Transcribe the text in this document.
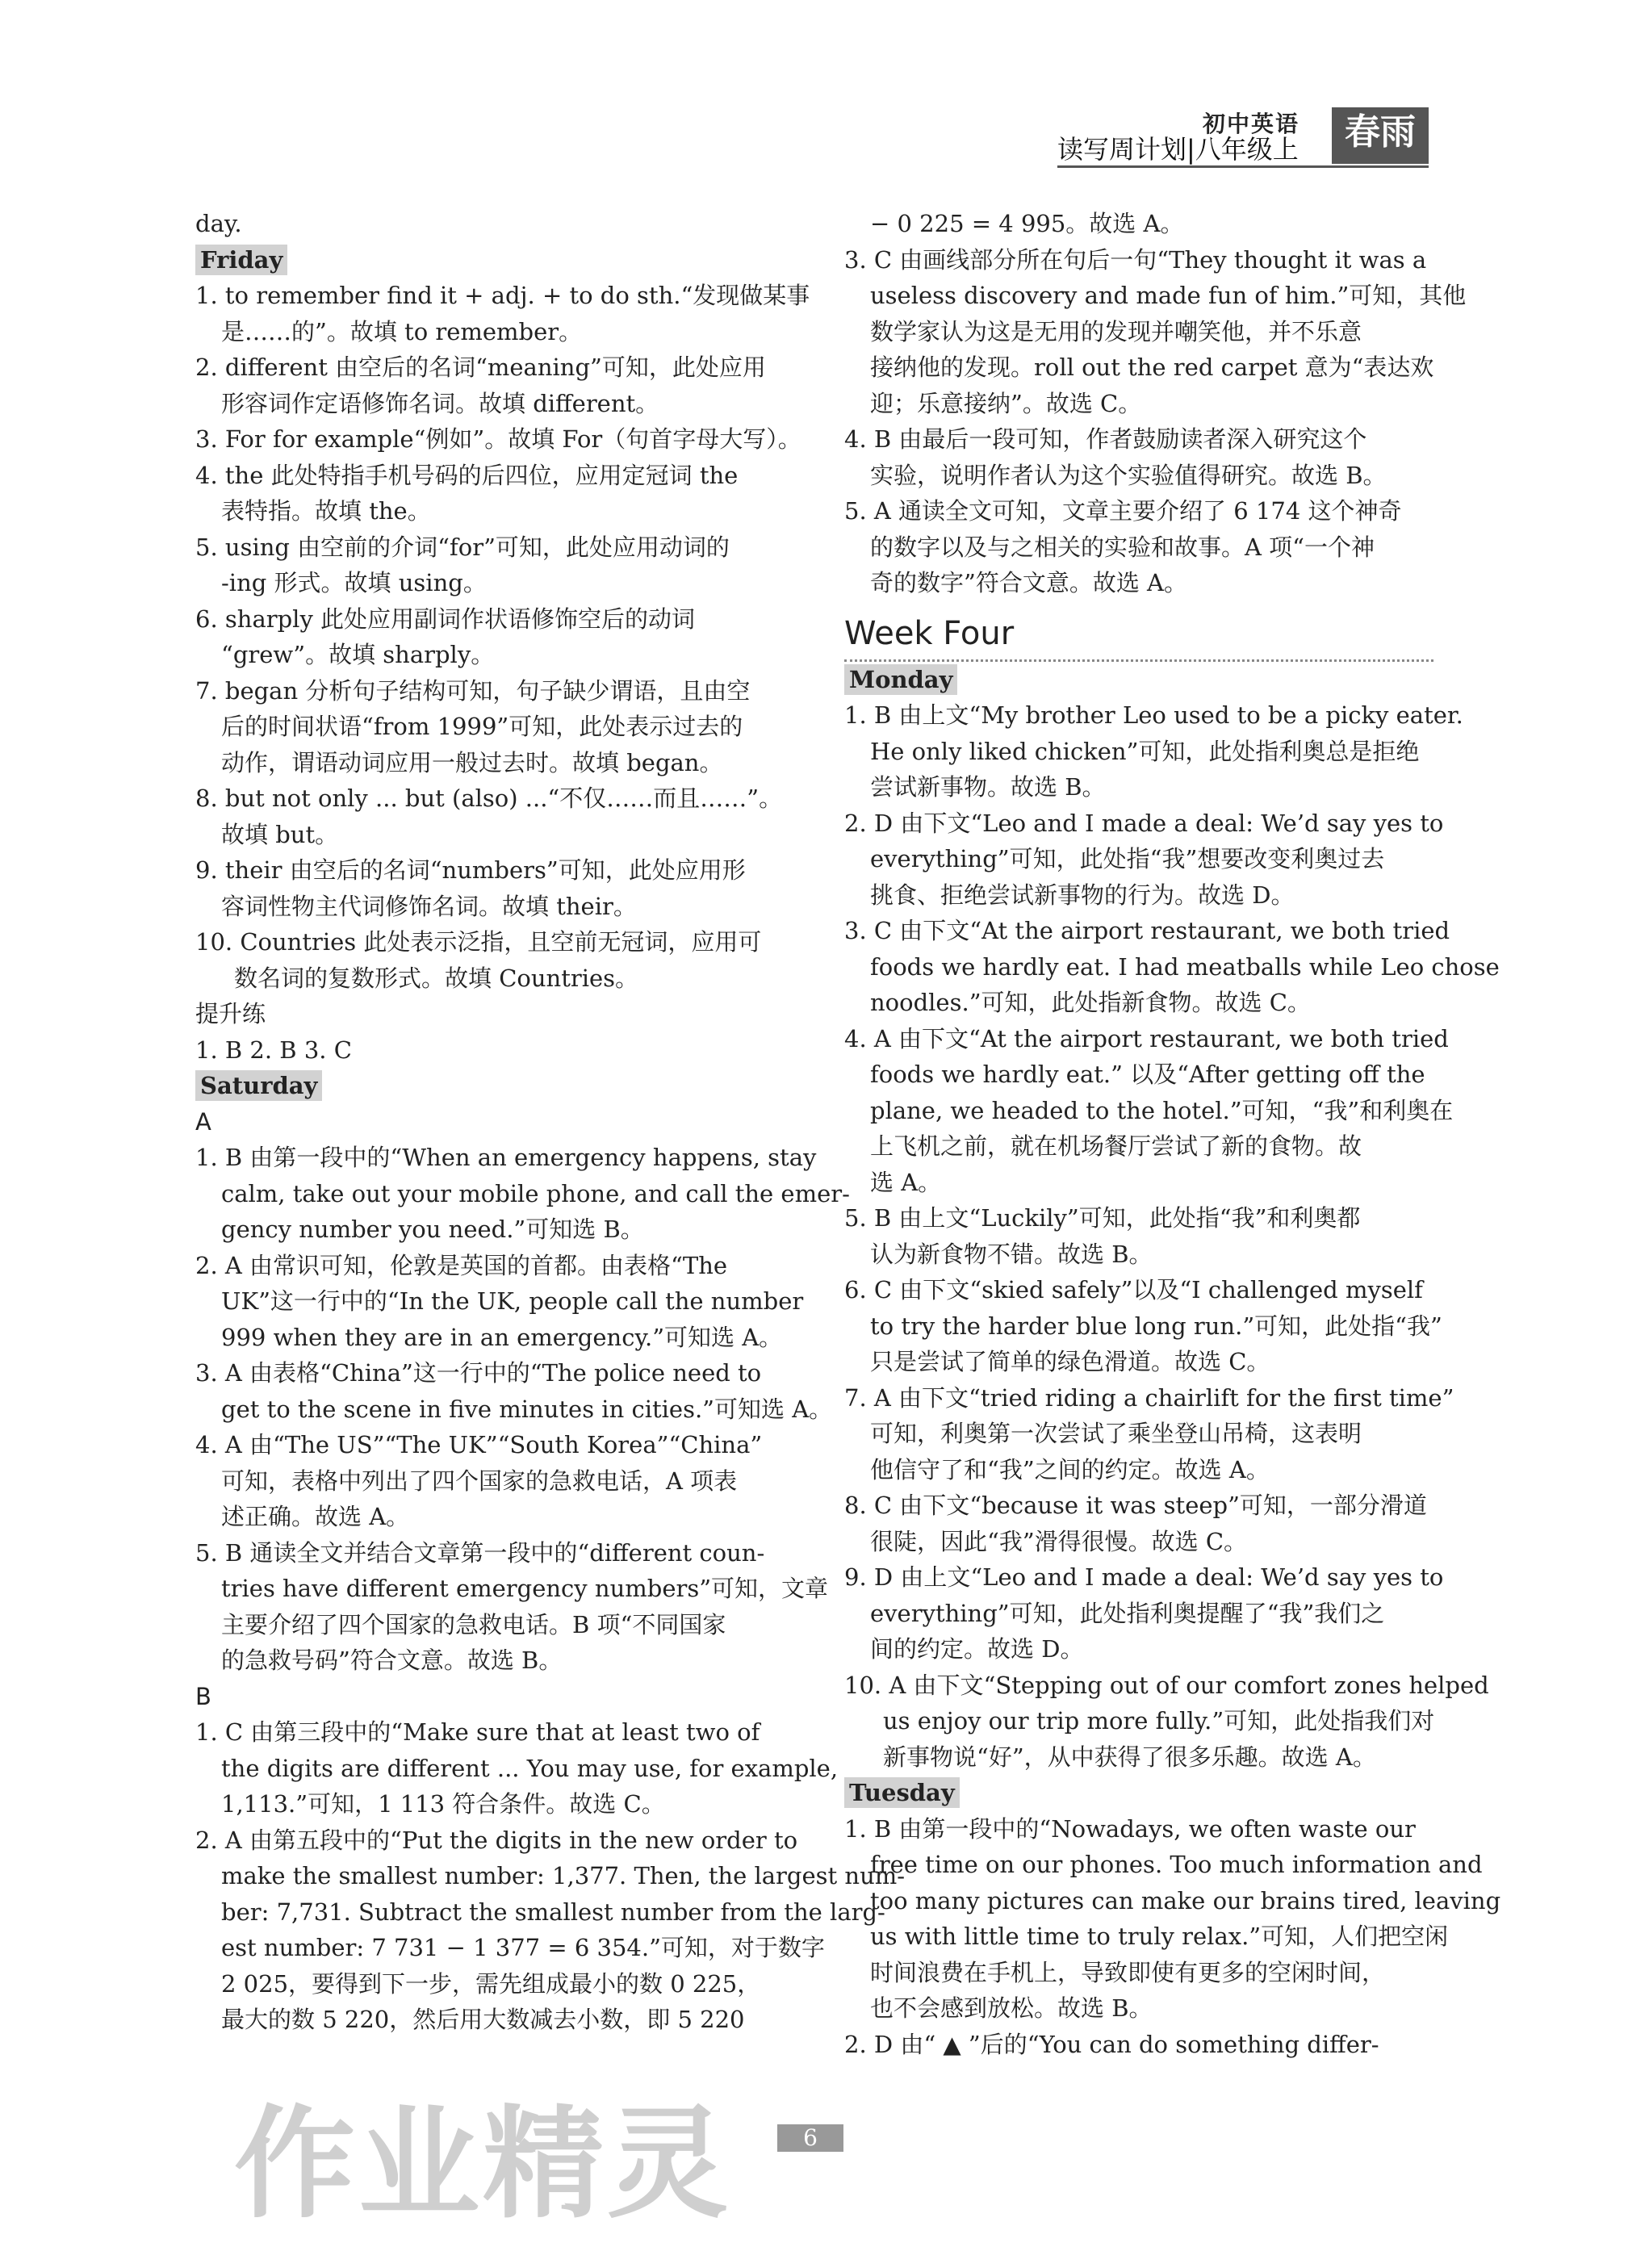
初中英语	春雨
读写周计划|八年级上
day.
Friday
1. to remember find it + adj. + to do sth.“发现做某事
是……的”。故填 to remember。
2. different 由空后的名词“meaning”可知，此处应用
形容词作定语修饰名词。故填 different。
3. For for example“例如”。故填 For（句首字母大写）。
4. the 此处特指手机号码的后四位，应用定冠词 the
表特指。故填 the。
5. using 由空前的介词“for”可知，此处应用动词的
-ing 形式。故填 using。
6. sharply 此处应用副词作状语修饰空后的动词
“grew”。故填 sharply。
7. began 分析句子结构可知，句子缺少谓语，且由空
后的时间状语“from 1999”可知，此处表示过去的
动作，谓语动词应用一般过去时。故填 began。
8. but not only ... but (also) ...“不仅……而且……”。
故填 but。
9. their 由空后的名词“numbers”可知，此处应用形
容词性物主代词修饰名词。故填 their。
10. Countries 此处表示泛指，且空前无冠词，应用可
数名词的复数形式。故填 Countries。
提升练
1. B 2. B 3. C
Saturday
A
1. B 由第一段中的“When an emergency happens, stay
calm, take out your mobile phone, and call the emer-
gency number you need.”可知选 B。
2. A 由常识可知，伦敦是英国的首都。由表格“The
UK”这一行中的“In the UK, people call the number
999 when they are in an emergency.”可知选 A。
3. A 由表格“China”这一行中的“The police need to
get to the scene in five minutes in cities.”可知选 A。
4. A 由“The US”“The UK”“South Korea”“China”
可知，表格中列出了四个国家的急救电话，A 项表
述正确。故选 A。
5. B 通读全文并结合文章第一段中的“different coun-
tries have different emergency numbers”可知，文章
主要介绍了四个国家的急救电话。B 项“不同国家
的急救号码”符合文意。故选 B。
B
1. C 由第三段中的“Make sure that at least two of
the digits are different ... You may use, for example,
1,113.”可知，1 113 符合条件。故选 C。
2. A 由第五段中的“Put the digits in the new order to
make the smallest number: 1,377. Then, the largest num-
ber: 7,731. Subtract the smallest number from the larg-
est number: 7 731 − 1 377 = 6 354.”可知，对于数字
2 025，要得到下一步，需先组成最小的数 0 225，
最大的数 5 220，然后用大数减去小数，即 5 220
− 0 225 = 4 995。故选 A。
3. C 由画线部分所在句后一句“They thought it was a
useless discovery and made fun of him.”可知，其他
数学家认为这是无用的发现并嘲笑他，并不乐意
接纳他的发现。roll out the red carpet 意为“表达欢
迎；乐意接纳”。故选 C。
4. B 由最后一段可知，作者鼓励读者深入研究这个
实验，说明作者认为这个实验值得研究。故选 B。
5. A 通读全文可知，文章主要介绍了 6 174 这个神奇
的数字以及与之相关的实验和故事。A 项“一个神
奇的数字”符合文意。故选 A。
Week Four
Monday
1. B 由上文“My brother Leo used to be a picky eater.
He only liked chicken”可知，此处指利奥总是拒绝
尝试新事物。故选 B。
2. D 由下文“Leo and I made a deal: We’d say yes to
everything”可知，此处指“我”想要改变利奥过去
挑食、拒绝尝试新事物的行为。故选 D。
3. C 由下文“At the airport restaurant, we both tried
foods we hardly eat. I had meatballs while Leo chose
noodles.”可知，此处指新食物。故选 C。
4. A 由下文“At the airport restaurant, we both tried
foods we hardly eat.” 以及“After getting off the
plane, we headed to the hotel.”可知，“我”和利奥在
上飞机之前，就在机场餐厅尝试了新的食物。故
选 A。
5. B 由上文“Luckily”可知，此处指“我”和利奥都
认为新食物不错。故选 B。
6. C 由下文“skied safely”以及“I challenged myself
to try the harder blue long run.”可知，此处指“我”
只是尝试了简单的绿色滑道。故选 C。
7. A 由下文“tried riding a chairlift for the first time”
可知，利奥第一次尝试了乘坐登山吊椅，这表明
他信守了和“我”之间的约定。故选 A。
8. C 由下文“because it was steep”可知，一部分滑道
很陡，因此“我”滑得很慢。故选 C。
9. D 由上文“Leo and I made a deal: We’d say yes to
everything”可知，此处指利奥提醒了“我”我们之
间的约定。故选 D。
10. A 由下文“Stepping out of our comfort zones helped
us enjoy our trip more fully.”可知，此处指我们对
新事物说“好”，从中获得了很多乐趣。故选 A。
Tuesday
1. B 由第一段中的“Nowadays, we often waste our
free time on our phones. Too much information and
too many pictures can make our brains tired, leaving
us with little time to truly relax.”可知，人们把空闲
时间浪费在手机上，导致即使有更多的空闲时间，
也不会感到放松。故选 B。
2. D 由“ ▲ ”后的“You can do something differ-
6
作业精灵
